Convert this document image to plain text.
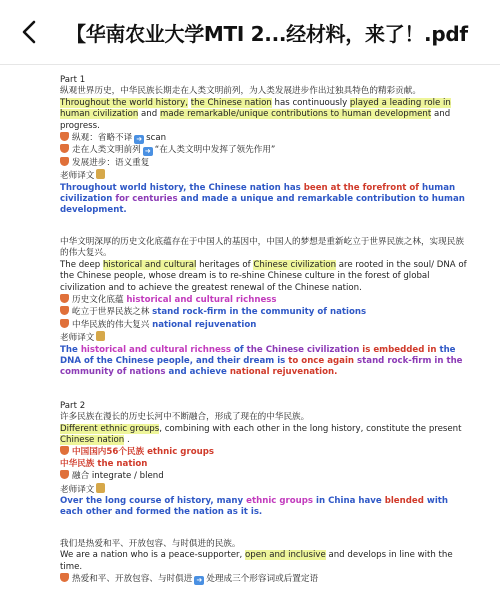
【华南农业大学MTI 2...经材料，来了！.pdf

Part 1

纵观世界历史，中华民族长期走在人类文明前列，为人类发展进步作出过独具特色的精彩贡献。

Throughout the world history, the Chinese nation has continuously played a leading role in human civilization and made remarkable/unique contributions to human development and progress.

纵观：省略不译 ➜ scan

走在人类文明前列 ➜ “在人类文明中发挥了领先作用”

发展进步：语义重复

老师译文

Throughout world history, the Chinese nation has been at the forefront of human civilization for centuries and made a unique and remarkable contribution to human development.

中华文明深厚的历史文化底蕴存在于中国人的基因中，中国人的梦想是重新屹立于世界民族之林，实现民族的伟大复兴。

The deep historical and cultural heritages of Chinese civilization are rooted in the soul/ DNA of the Chinese people, whose dream is to re-shine Chinese culture in the forest of global civilization and to achieve the greatest renewal of the Chinese nation.

历史文化底蕴 historical and cultural richness

屹立于世界民族之林 stand rock-firm in the community of nations

中华民族的伟大复兴 national rejuvenation

老师译文

The historical and cultural richness of the Chinese civilization is embedded in the DNA of the Chinese people, and their dream is to once again stand rock-firm in the community of nations and achieve national rejuvenation.

Part 2

许多民族在漫长的历史长河中不断融合，形成了现在的中华民族。

Different ethnic groups, combining with each other in the long history, constitute the present Chinese nation .

中国国内56个民族 ethnic groups

中华民族 the nation

融合 integrate / blend

老师译文

Over the long course of history, many ethnic groups in China have blended with each other and formed the nation as it is.

我们是热爱和平、开放包容、与时俱进的民族。

We are a nation who is a peace-supporter, open and inclusive and develops in line with the time.

热爱和平、开放包容、与时俱进 ➜ 处理成三个形容词或后置定语
